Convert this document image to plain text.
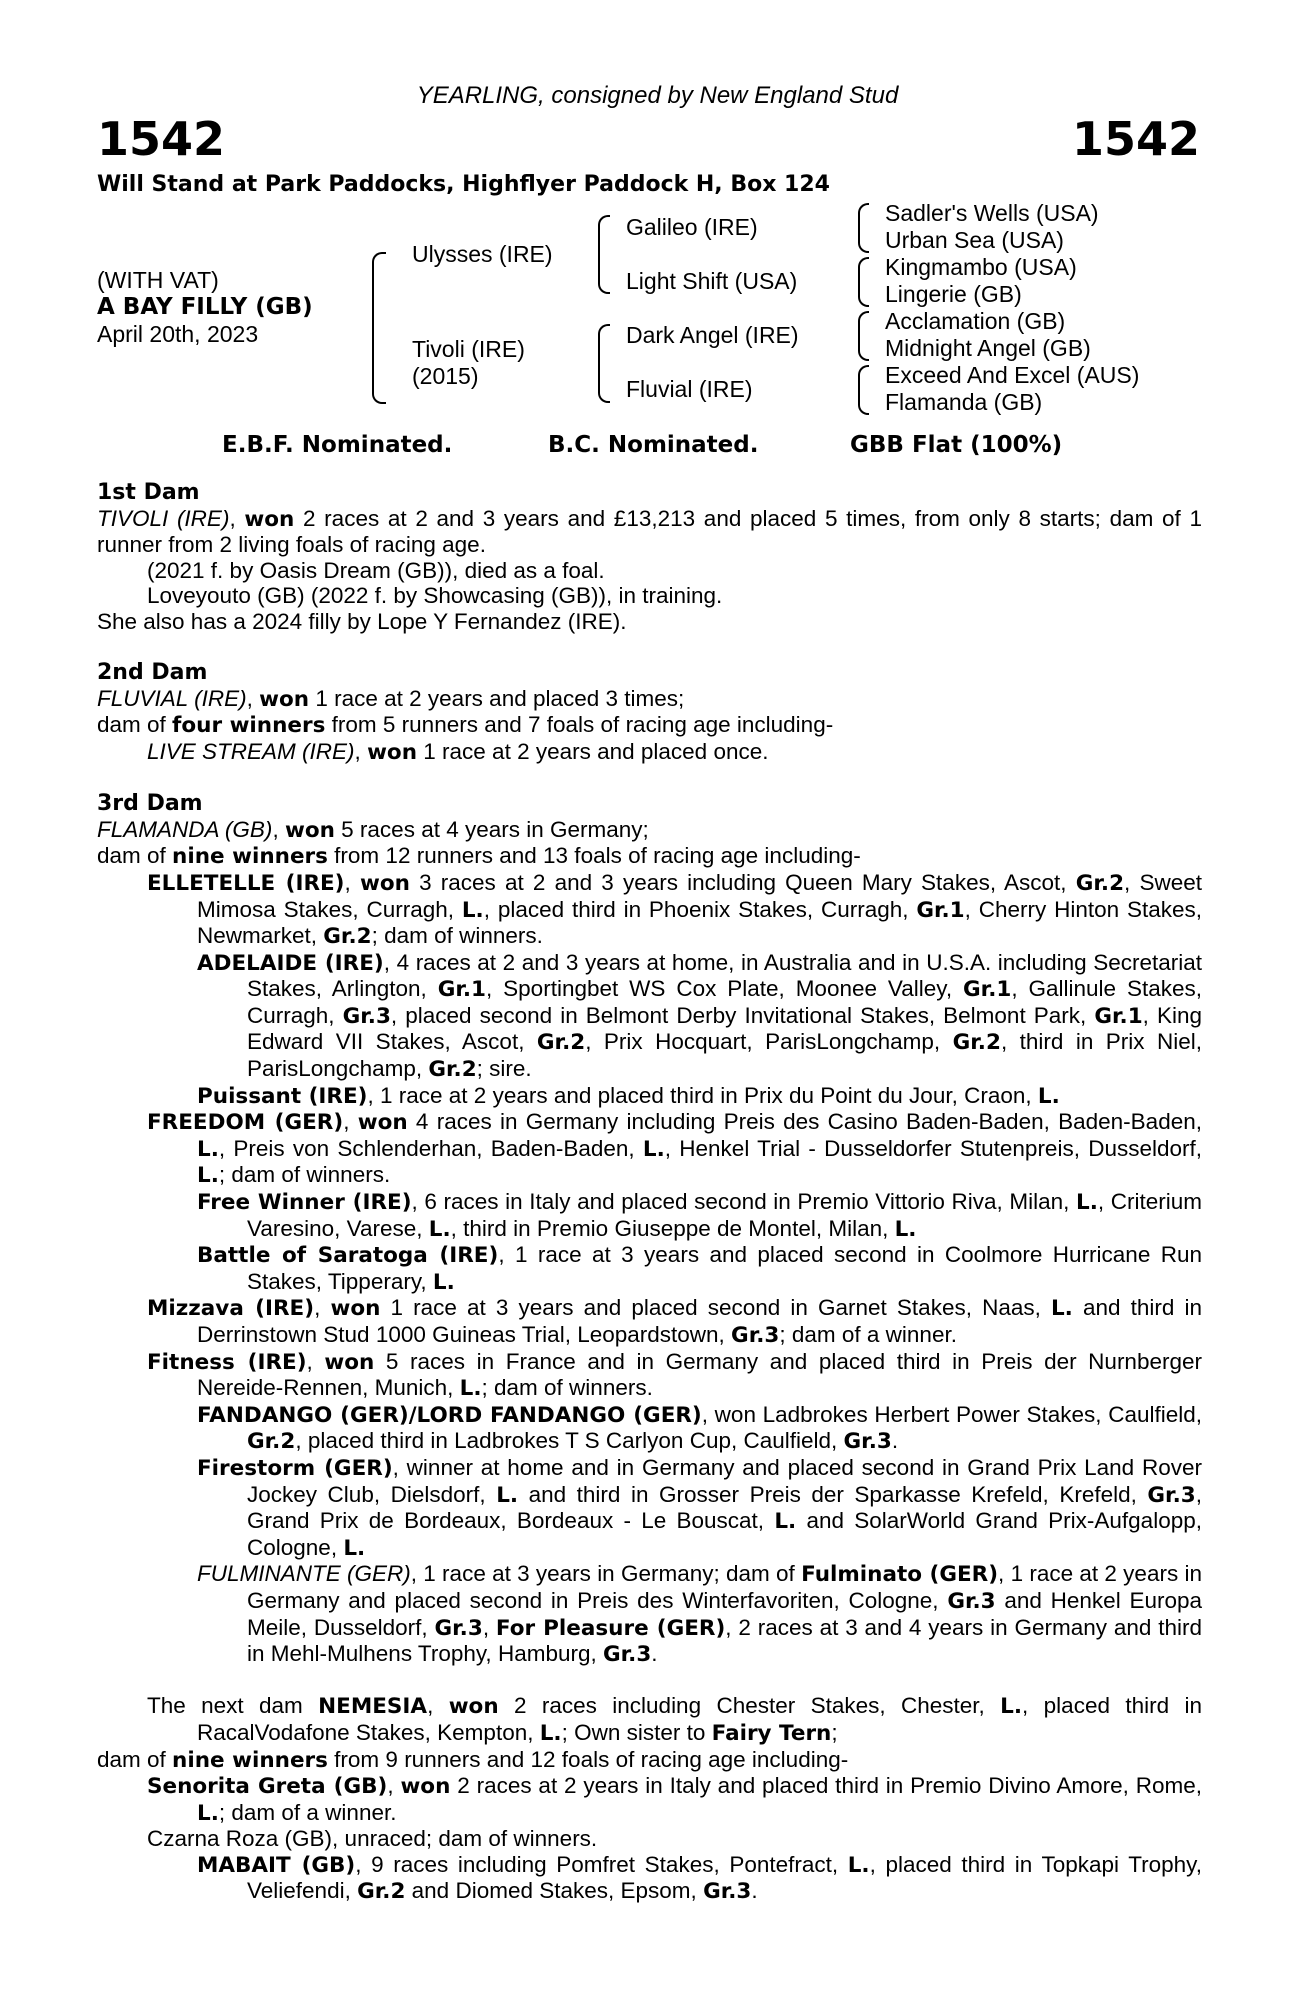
YEARLING, consigned by New England Stud
1542	1542
Will Stand at Park Paddocks, Highflyer Paddock H, Box 124
(WITH VAT)
A BAY FILLY (GB)
April 20th, 2023
Ulysses (IRE)
Tivoli (IRE)
(2015)
Galileo (IRE)
Light Shift (USA)
Dark Angel (IRE)
Fluvial (IRE)
Sadler's Wells (USA)
Urban Sea (USA)
Kingmambo (USA)
Lingerie (GB)
Acclamation (GB)
Midnight Angel (GB)
Exceed And Excel (AUS)
Flamanda (GB)
E.B.F. Nominated.	B.C. Nominated.	GBB Flat (100%)
1st Dam
TIVOLI (IRE), won 2 races at 2 and 3 years and £13,213 and placed 5 times, from only 8 starts; dam of 1 runner from 2 living foals of racing age.
(2021 f. by Oasis Dream (GB)), died as a foal.
Loveyouto (GB) (2022 f. by Showcasing (GB)), in training.
She also has a 2024 filly by Lope Y Fernandez (IRE).
2nd Dam
FLUVIAL (IRE), won 1 race at 2 years and placed 3 times;
dam of four winners from 5 runners and 7 foals of racing age including-
LIVE STREAM (IRE), won 1 race at 2 years and placed once.
3rd Dam
FLAMANDA (GB), won 5 races at 4 years in Germany;
dam of nine winners from 12 runners and 13 foals of racing age including-
ELLETELLE (IRE), won 3 races at 2 and 3 years including Queen Mary Stakes, Ascot, Gr.2, Sweet Mimosa Stakes, Curragh, L., placed third in Phoenix Stakes, Curragh, Gr.1, Cherry Hinton Stakes, Newmarket, Gr.2; dam of winners.
ADELAIDE (IRE), 4 races at 2 and 3 years at home, in Australia and in U.S.A. including Secretariat Stakes, Arlington, Gr.1, Sportingbet WS Cox Plate, Moonee Valley, Gr.1, Gallinule Stakes, Curragh, Gr.3, placed second in Belmont Derby Invitational Stakes, Belmont Park, Gr.1, King Edward VII Stakes, Ascot, Gr.2, Prix Hocquart, ParisLongchamp, Gr.2, third in Prix Niel, ParisLongchamp, Gr.2; sire.
Puissant (IRE), 1 race at 2 years and placed third in Prix du Point du Jour, Craon, L.
FREEDOM (GER), won 4 races in Germany including Preis des Casino Baden-Baden, Baden-Baden, L., Preis von Schlenderhan, Baden-Baden, L., Henkel Trial - Dusseldorfer Stutenpreis, Dusseldorf, L.; dam of winners.
Free Winner (IRE), 6 races in Italy and placed second in Premio Vittorio Riva, Milan, L., Criterium Varesino, Varese, L., third in Premio Giuseppe de Montel, Milan, L.
Battle of Saratoga (IRE), 1 race at 3 years and placed second in Coolmore Hurricane Run Stakes, Tipperary, L.
Mizzava (IRE), won 1 race at 3 years and placed second in Garnet Stakes, Naas, L. and third in Derrinstown Stud 1000 Guineas Trial, Leopardstown, Gr.3; dam of a winner.
Fitness (IRE), won 5 races in France and in Germany and placed third in Preis der Nurnberger Nereide-Rennen, Munich, L.; dam of winners.
FANDANGO (GER)/LORD FANDANGO (GER), won Ladbrokes Herbert Power Stakes, Caulfield, Gr.2, placed third in Ladbrokes T S Carlyon Cup, Caulfield, Gr.3.
Firestorm (GER), winner at home and in Germany and placed second in Grand Prix Land Rover Jockey Club, Dielsdorf, L. and third in Grosser Preis der Sparkasse Krefeld, Krefeld, Gr.3, Grand Prix de Bordeaux, Bordeaux - Le Bouscat, L. and SolarWorld Grand Prix-Aufgalopp, Cologne, L.
FULMINANTE (GER), 1 race at 3 years in Germany; dam of Fulminato (GER), 1 race at 2 years in Germany and placed second in Preis des Winterfavoriten, Cologne, Gr.3 and Henkel Europa Meile, Dusseldorf, Gr.3, For Pleasure (GER), 2 races at 3 and 4 years in Germany and third in Mehl-Mulhens Trophy, Hamburg, Gr.3.
The next dam NEMESIA, won 2 races including Chester Stakes, Chester, L., placed third in RacalVodafone Stakes, Kempton, L.; Own sister to Fairy Tern;
dam of nine winners from 9 runners and 12 foals of racing age including-
Senorita Greta (GB), won 2 races at 2 years in Italy and placed third in Premio Divino Amore, Rome, L.; dam of a winner.
Czarna Roza (GB), unraced; dam of winners.
MABAIT (GB), 9 races including Pomfret Stakes, Pontefract, L., placed third in Topkapi Trophy, Veliefendi, Gr.2 and Diomed Stakes, Epsom, Gr.3.
